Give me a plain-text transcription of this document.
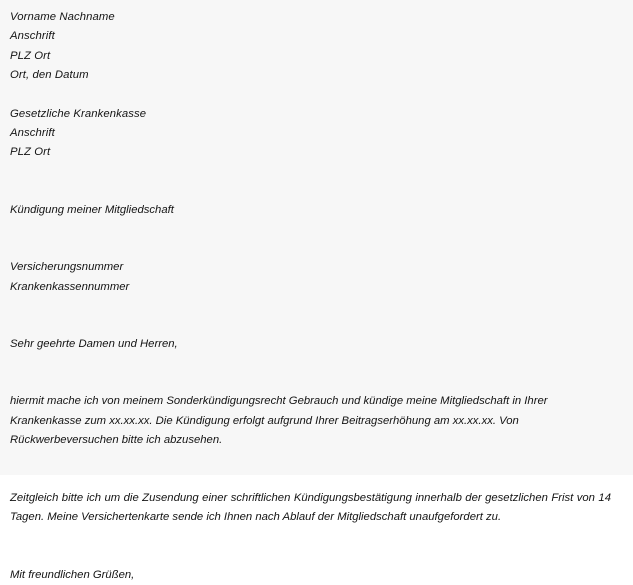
Vorname Nachname
Anschrift
PLZ Ort
Ort, den Datum
Gesetzliche Krankenkasse
Anschrift
PLZ Ort
Kündigung meiner Mitgliedschaft
Versicherungsnummer
Krankenkassennummer
Sehr geehrte Damen und Herren,

hiermit mache ich von meinem Sonderkündigungsrecht Gebrauch und kündige meine Mitgliedschaft in Ihrer Krankenkasse zum xx.xx.xx. Die Kündigung erfolgt aufgrund Ihrer Beitragserhöhung am xx.xx.xx. Von Rückwerbeversuchen bitte ich abzusehen.

Zeitgleich bitte ich um die Zusendung einer schriftlichen Kündigungsbestätigung innerhalb der gesetzlichen Frist von 14 Tagen. Meine Versichertenkarte sende ich Ihnen nach Ablauf der Mitgliedschaft unaufgefordert zu.

Mit freundlichen Grüßen,
